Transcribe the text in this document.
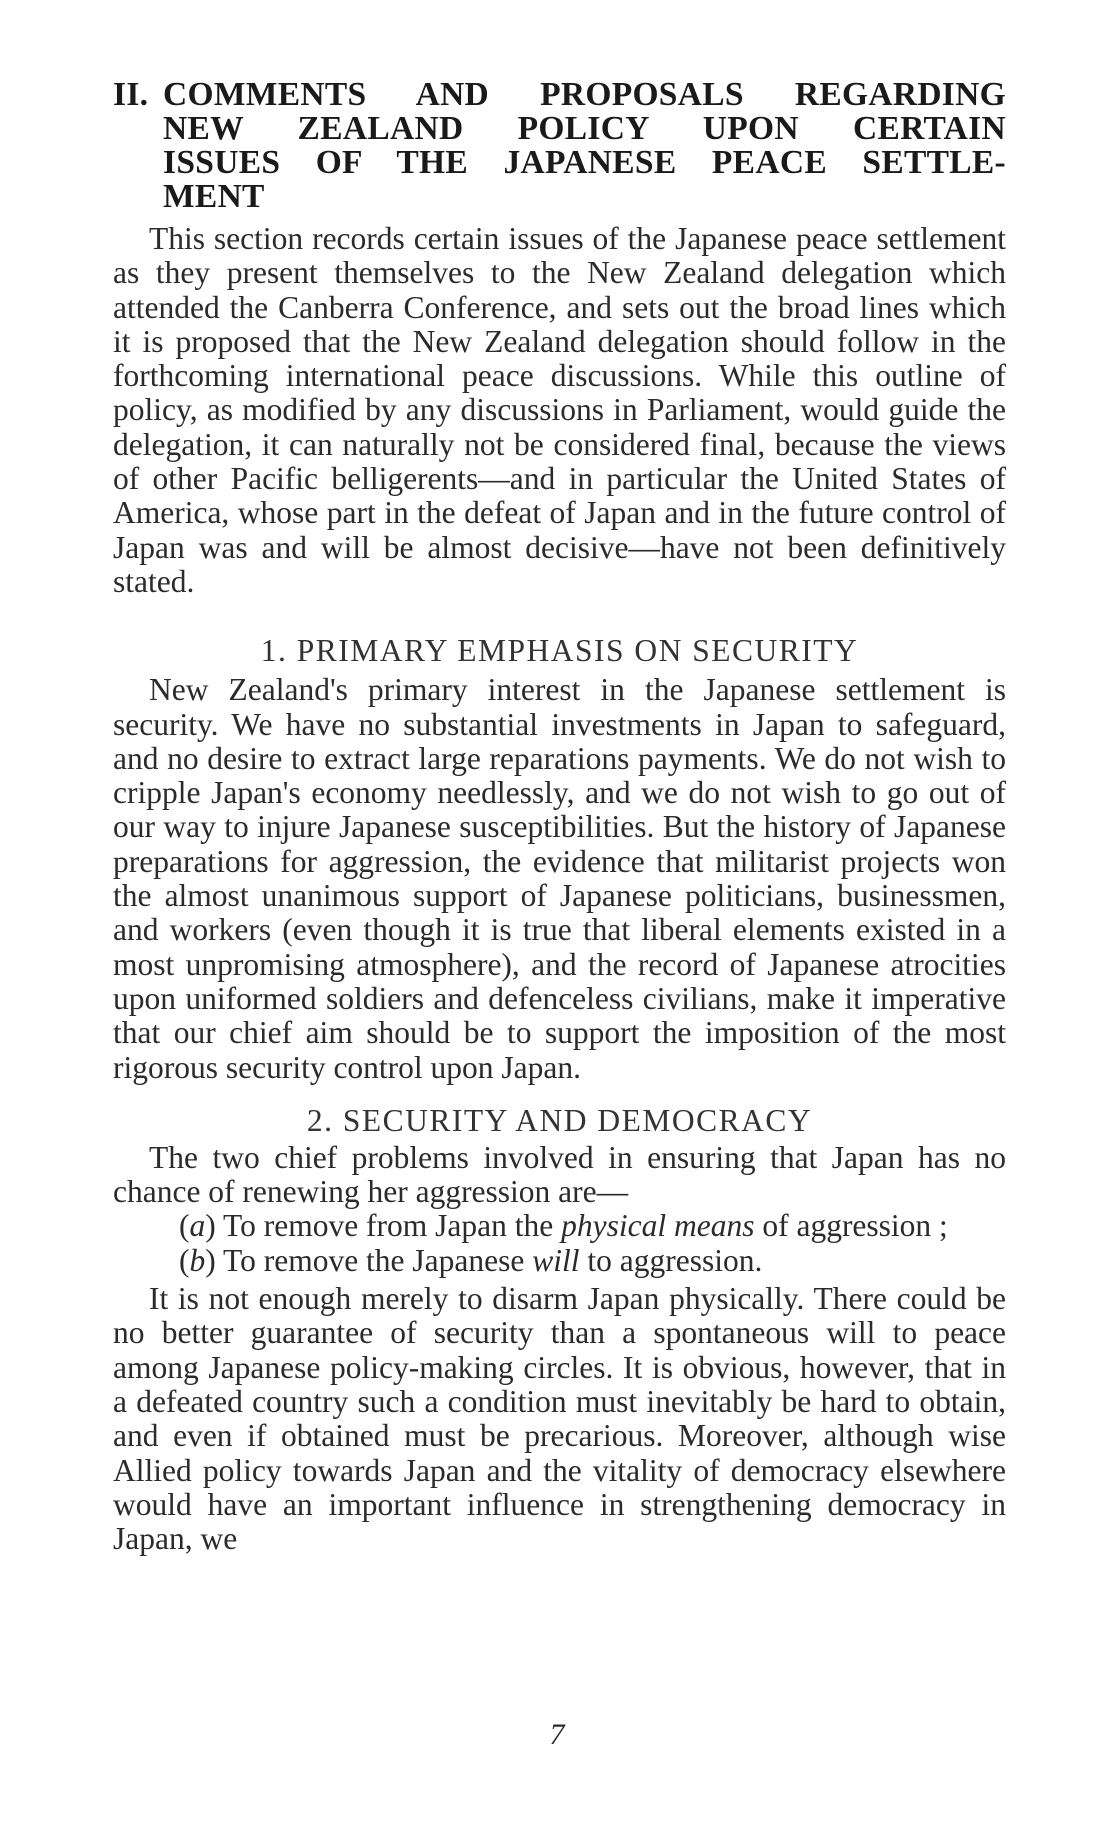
II. COMMENTS AND PROPOSALS REGARDING
NEW ZEALAND POLICY UPON CERTAIN
ISSUES OF THE JAPANESE PEACE SETTLE-
MENT

This section records certain issues of the Japanese peace settlement as they present themselves to the New Zealand delegation which attended the Canberra Conference, and sets out the broad lines which it is proposed that the New Zealand delegation should follow in the forthcoming international peace discussions. While this outline of policy, as modified by any discussions in Parliament, would guide the delegation, it can naturally not be considered final, because the views of other Pacific belligerents—and in particular the United States of America, whose part in the defeat of Japan and in the future control of Japan was and will be almost decisive—have not been definitively stated.

1. PRIMARY EMPHASIS ON SECURITY

New Zealand's primary interest in the Japanese settlement is security. We have no substantial investments in Japan to safeguard, and no desire to extract large reparations payments. We do not wish to cripple Japan's economy needlessly, and we do not wish to go out of our way to injure Japanese susceptibilities. But the history of Japanese preparations for aggression, the evidence that militarist projects won the almost unanimous support of Japanese politicians, businessmen, and workers (even though it is true that liberal elements existed in a most unpromising atmosphere), and the record of Japanese atrocities upon uniformed soldiers and defenceless civilians, make it imperative that our chief aim should be to support the imposition of the most rigorous security control upon Japan.

2. SECURITY AND DEMOCRACY

The two chief problems involved in ensuring that Japan has no chance of renewing her aggression are—

(a) To remove from Japan the physical means of aggression ;
(b) To remove the Japanese will to aggression.

It is not enough merely to disarm Japan physically. There could be no better guarantee of security than a spontaneous will to peace among Japanese policy-making circles. It is obvious, however, that in a defeated country such a condition must inevitably be hard to obtain, and even if obtained must be precarious. Moreover, although wise Allied policy towards Japan and the vitality of democracy elsewhere would have an important influence in strengthening democracy in Japan, we

7
